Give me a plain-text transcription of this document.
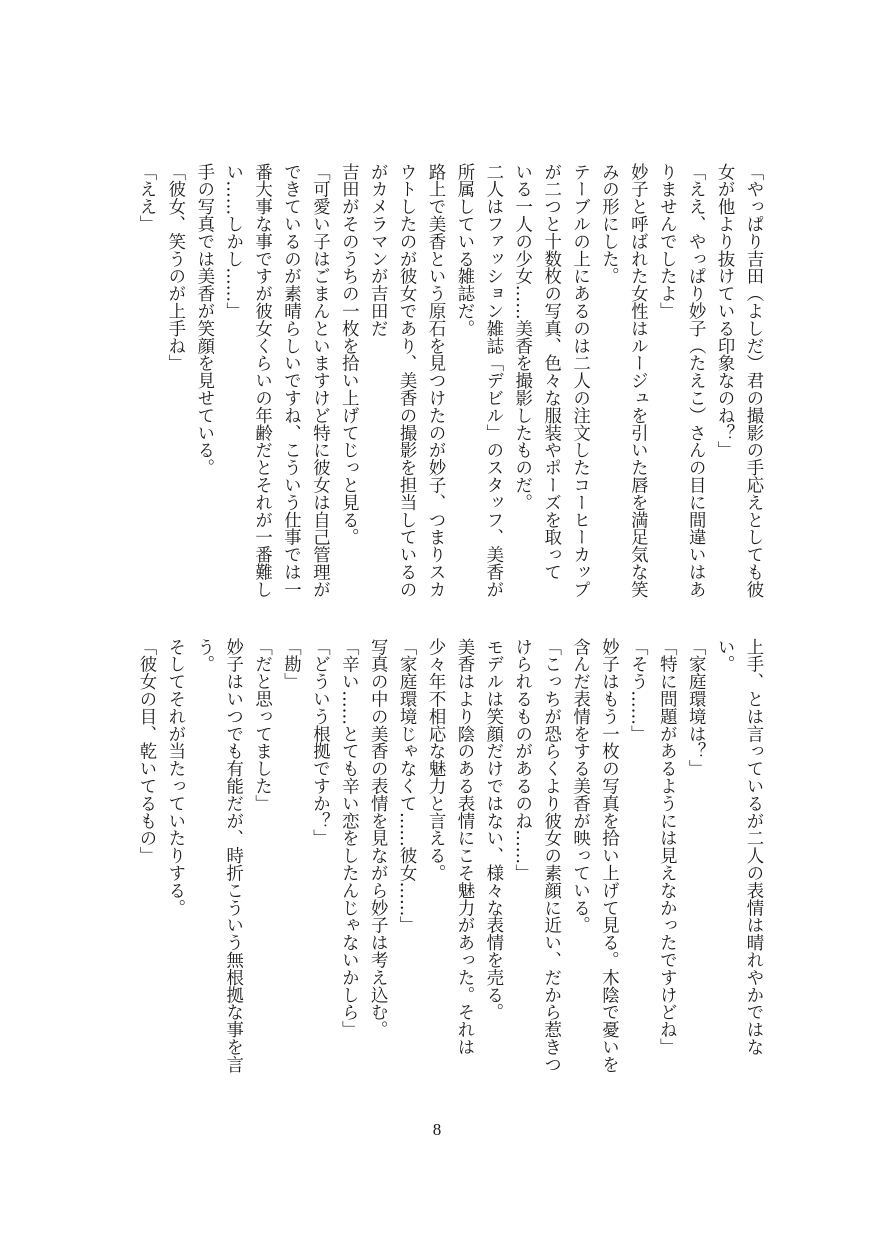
「やっぱり吉田（よしだ）君の撮影の手応えとしても彼
女が他より抜けている印象なのね？」
「ええ、やっぱり妙子（たえこ）さんの目に間違いはあ
りませんでしたよ」
妙子と呼ばれた女性はルージュを引いた唇を満足気な笑
みの形にした。
テーブルの上にあるのは二人の注文したコーヒーカップ
が二つと十数枚の写真、色々な服装やポーズを取って
いる一人の少女……美香を撮影したものだ。
二人はファッション雑誌「デビル」のスタッフ、美香が
所属している雑誌だ。
路上で美香という原石を見つけたのが妙子、つまりスカ
ウトしたのが彼女であり、美香の撮影を担当しているの
がカメラマンが吉田だ
吉田がそのうちの一枚を拾い上げてじっと見る。
「可愛い子はごまんといますけど特に彼女は自己管理が
できているのが素晴らしいですね、こういう仕事では一
番大事な事ですが彼女くらいの年齢だとそれが一番難し
い……しかし……」
手の写真では美香が笑顔を見せている。
「彼女、笑うのが上手ね」
「ええ」
上手、とは言っているが二人の表情は晴れやかではな
い。
「家庭環境は？」
「特に問題があるようには見えなかったですけどね」
「そう……」
妙子はもう一枚の写真を拾い上げて見る。木陰で憂いを
含んだ表情をする美香が映っている。
「こっちが恐らくより彼女の素顔に近い、だから惹きつ
けられるものがあるのね……」
モデルは笑顔だけではない、様々な表情を売る。
美香はより陰のある表情にこそ魅力があった。それは
少々年不相応な魅力と言える。
「家庭環境じゃなくて……彼女……」
写真の中の美香の表情を見ながら妙子は考え込む。
「辛い……とても辛い恋をしたんじゃないかしら」
「どういう根拠ですか？」
「勘」
「だと思ってました」
妙子はいつでも有能だが、時折こういう無根拠な事を言
う。
そしてそれが当たっていたりする。
「彼女の目、乾いてるもの」
8
